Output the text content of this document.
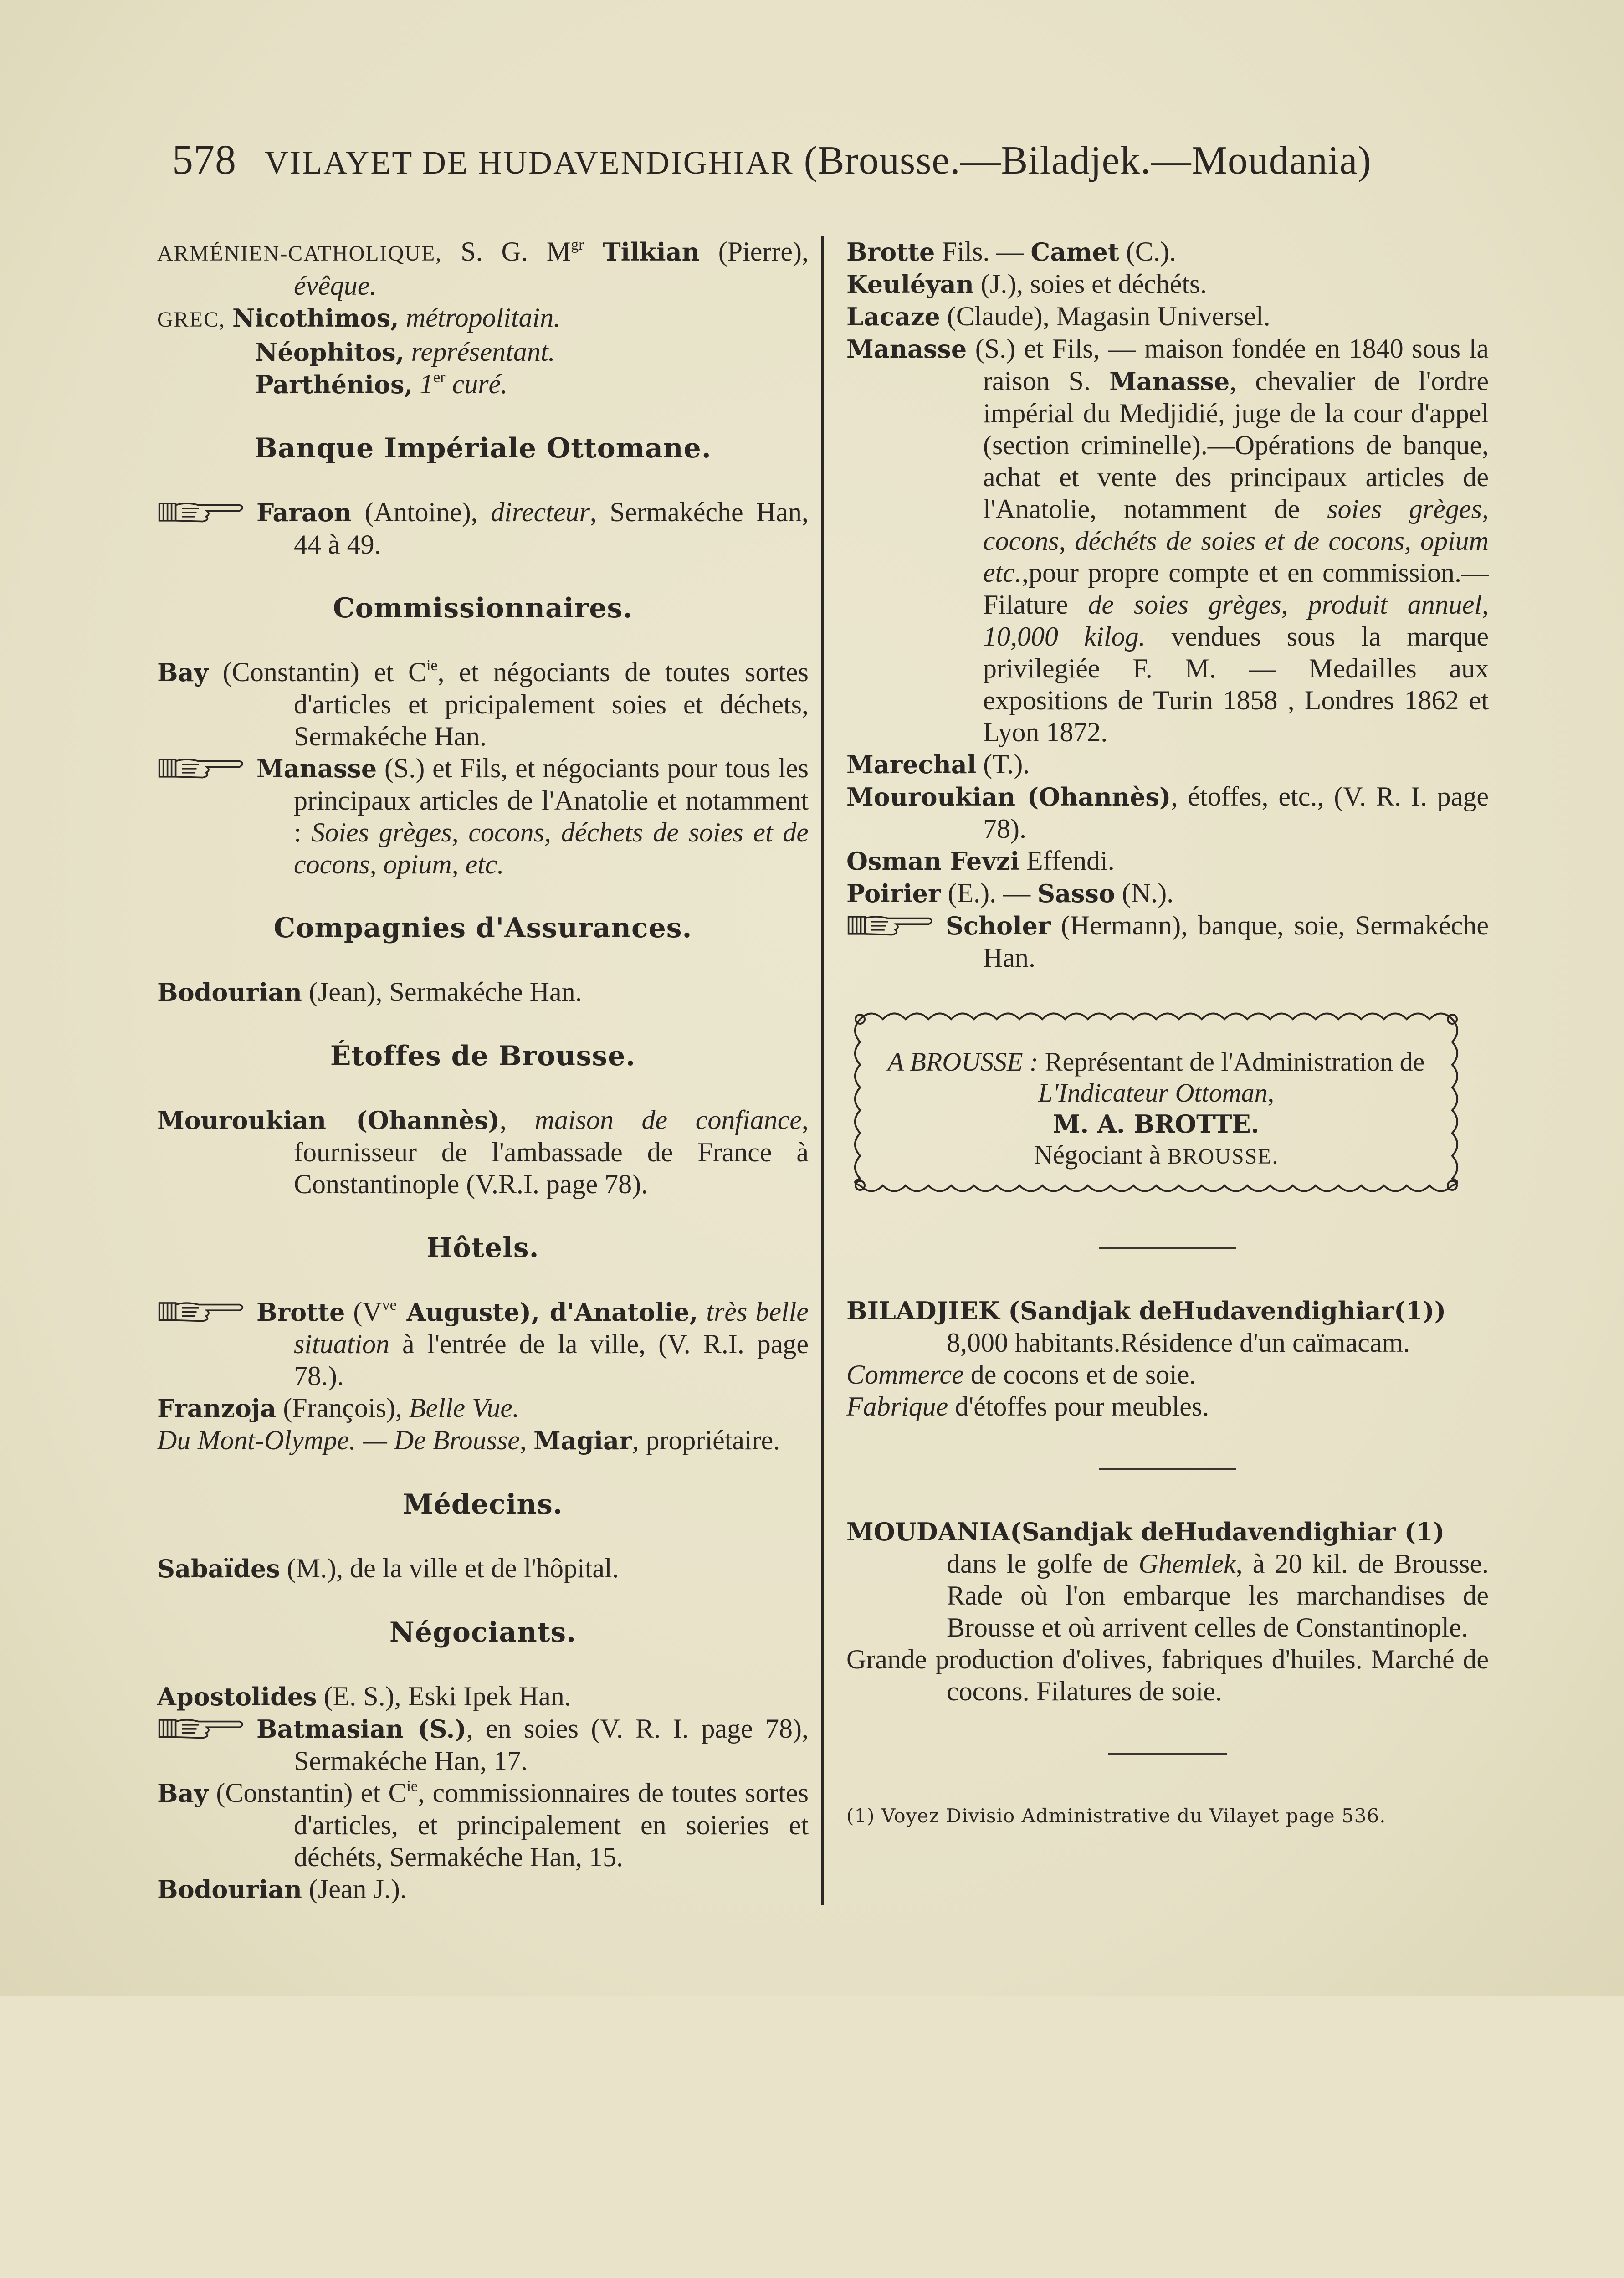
578 VILAYET DE HUDAVENDIGHIAR (Brousse.—Biladjek.—Moudania)

ARMÉNIEN-CATHOLIQUE, S. G. $M^{gr}$ Tilkian (Pierre), évêque.

GREC, Nicothimos, métropolitain.

Néophitos, représentant.

Parthénios, 1er curé.

Banque Impériale Ottomane.

Faraon (Antoine), directeur, Sermakéche Han, 44 à 49.

Commissionnaires.

Bay (Constantin) et $C^{ie}$, et négociants de toutes sortes d'articles et pricipalement soies et déchets, Sermakéche Han.

Manasse (S.) et Fils, et négociants pour tous les principaux articles de l'Anatolie et notamment : Soies grèges, cocons, déchets de soies et de cocons, opium, etc.

Compagnies d'Assurances.

Bodourian (Jean), Sermakéche Han.

Étoffes de Brousse.

Mouroukian (Ohannès), maison de confiance, fournisseur de l'ambassade de France à Constantinople (V.R.I. page 78).

Hôtels.

Brotte ($V^{ve}$ Auguste), d'Anatolie, très belle situation à l'entrée de la ville, (V. R.I. page 78.).

Franzoja (François), Belle Vue.

Du Mont-Olympe. — De Brousse, Magiar, propriétaire.

Médecins.

Sabaïdes (M.), de la ville et de l'hôpital.

Négociants.

Apostolides (E. S.), Eski Ipek Han.

Batmasian (S.), en soies (V. R. I. page 78), Sermakéche Han, 17.

Bay (Constantin) et $C^{ie}$, commissionnaires de toutes sortes d'articles, et principalement en soieries et déchéts, Sermakéche Han, 15.

Bodourian (Jean J.).

Brotte Fils. — Camet (C.).

Keuléyan (J.), soies et déchéts.

Lacaze (Claude), Magasin Universel.

Manasse (S.) et Fils, — maison fondée en 1840 sous la raison S. Manasse, chevalier de l'ordre impérial du Medjidié, juge de la cour d'appel (section criminelle).—Opérations de banque, achat et vente des principaux articles de l'Anatolie, notamment de soies grèges, cocons, déchéts de soies et de cocons, opium etc.,pour propre compte et en commission.— Filature de soies grèges, produit annuel, 10,000 kilog. vendues sous la marque privilegiée F. M. — Medailles aux expositions de Turin 1858 , Londres 1862 et Lyon 1872.

Marechal (T.).

Mouroukian (Ohannès), étoffes, etc., (V. R. I. page 78).

Osman Fevzi Effendi.

Poirier (E.). — Sasso (N.).

Scholer (Hermann), banque, soie, Sermakéche Han.

A BROUSSE : Représentant de l'Administration de L'Indicateur Ottoman,
M. A. BROTTE.
Négociant à BROUSSE.

BILADJIEK (Sandjak deHudavendighiar(1))
8,000 habitants.Résidence d'un caïmacam.

Commerce de cocons et de soie.

Fabrique d'étoffes pour meubles.

MOUDANIA(Sandjak deHudavendighiar (1)
dans le golfe de Ghemlek, à 20 kil. de Brousse. Rade où l'on embarque les marchandises de Brousse et où arrivent celles de Constantinople.

Grande production d'olives, fabriques d'huiles. Marché de cocons. Filatures de soie.

(1) Voyez Divisio Administrative du Vilayet page 536.
